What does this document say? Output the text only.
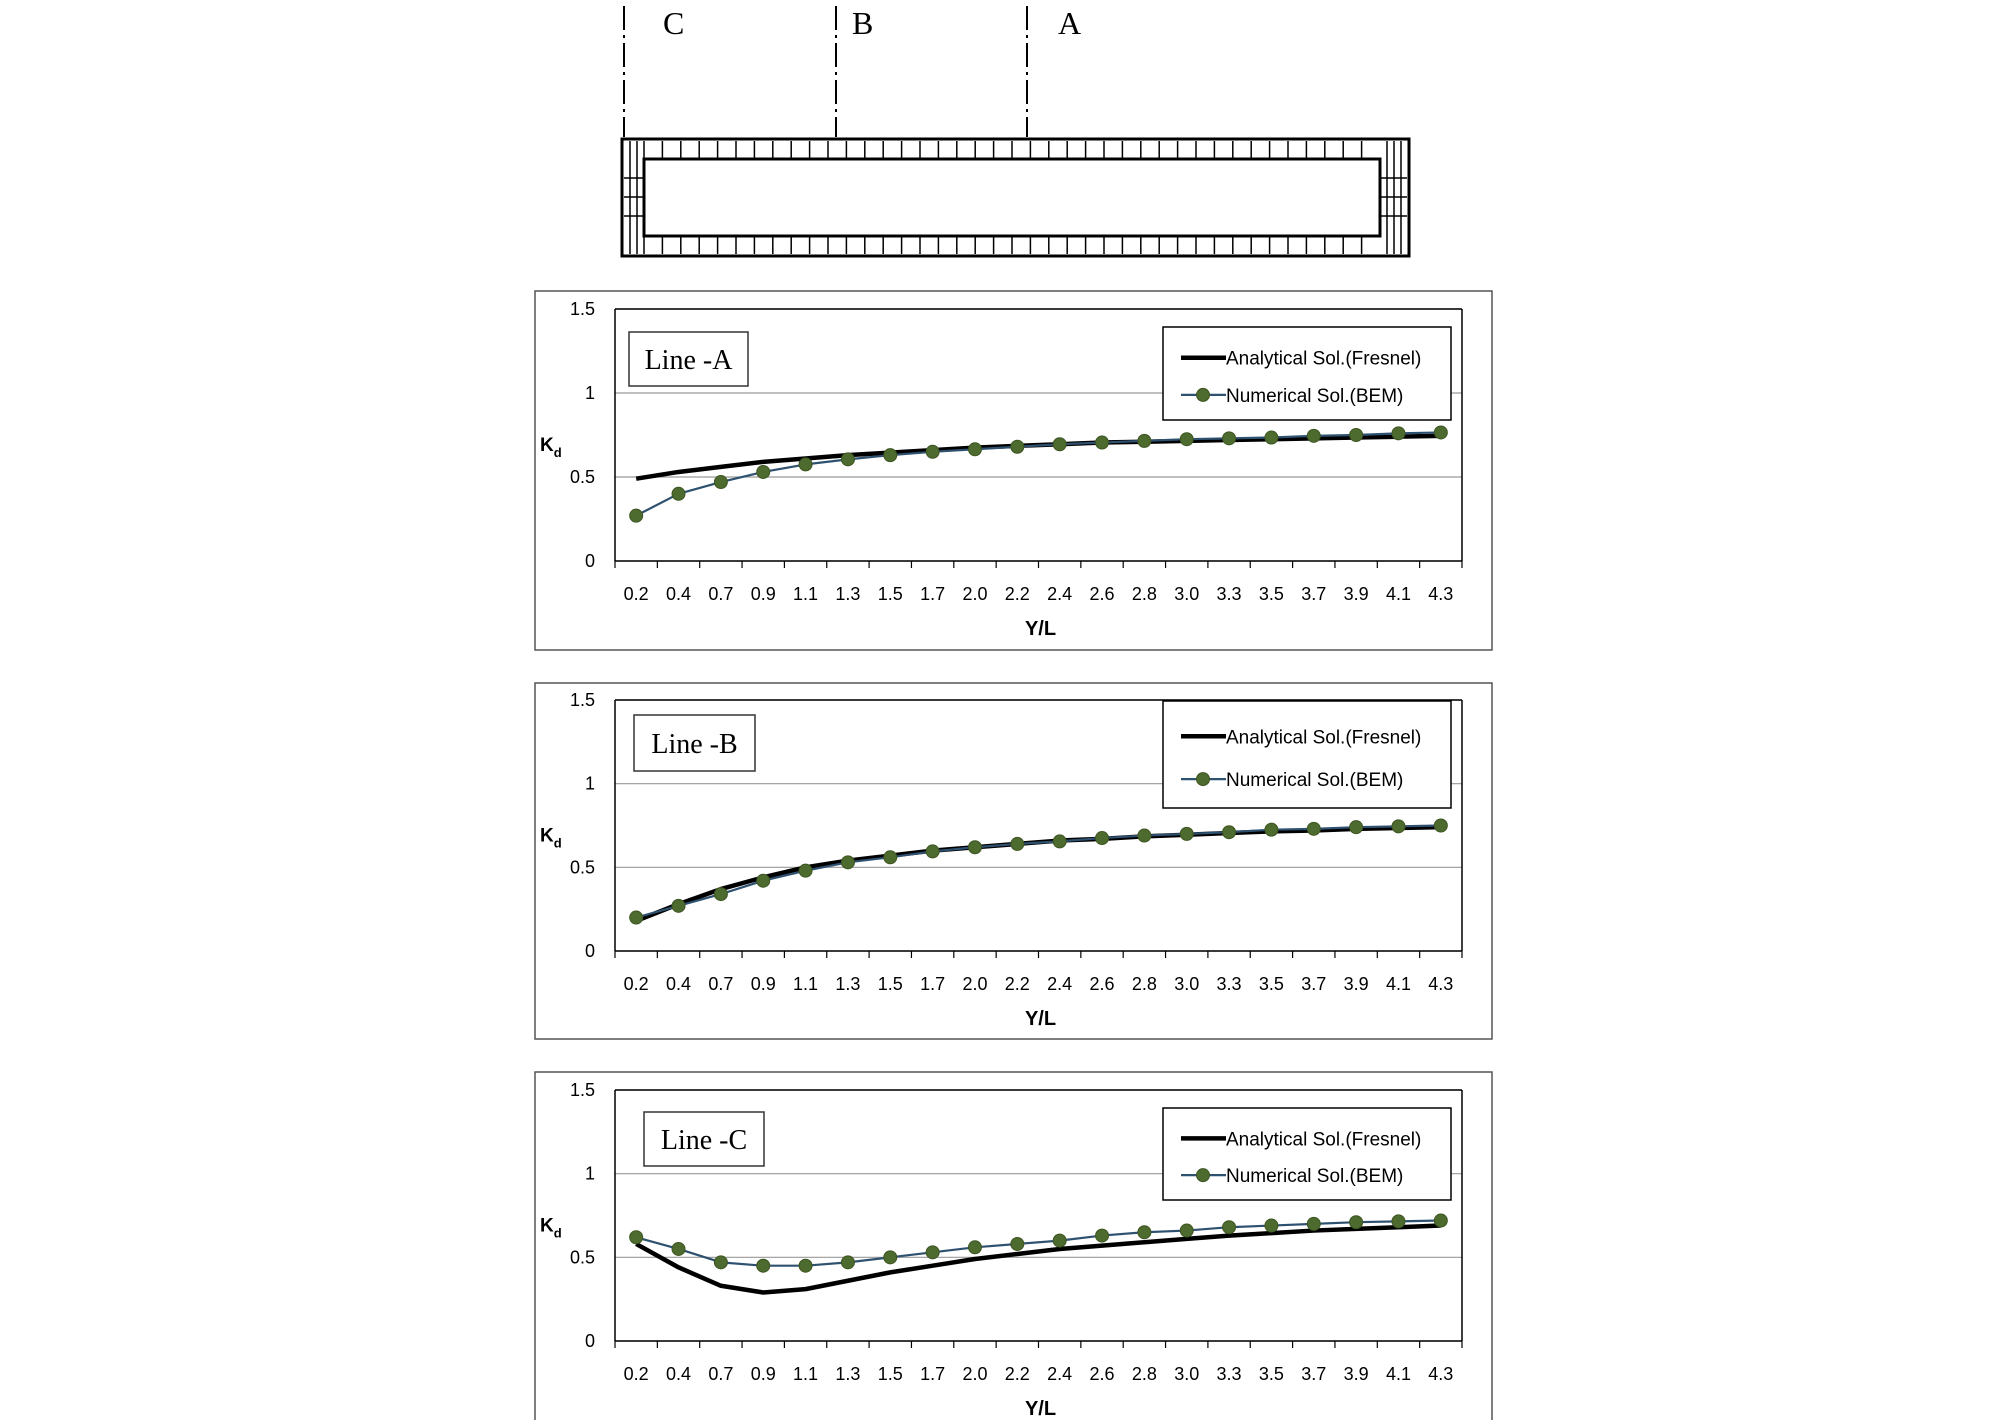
C	B	A
0
0.5
1
1.5
0.2 0.4 0.7 0.9 1.1 1.3 1.5 1.7 2.0 2.2 2.4 2.6 2.8 3.0 3.3 3.5 3.7 3.9 4.1 4.3
Y/L
$K_d$
Line -A	Analytical Sol.(Fresnel)
Numerical Sol.(BEM)
0
0.5
1
1.5
0.2 0.4 0.7 0.9 1.1 1.3 1.5 1.7 2.0 2.2 2.4 2.6 2.8 3.0 3.3 3.5 3.7 3.9 4.1 4.3
Y/L
$K_d$
Line -B	Analytical Sol.(Fresnel)
Numerical Sol.(BEM)
0
0.5
1
1.5
0.2 0.4 0.7 0.9 1.1 1.3 1.5 1.7 2.0 2.2 2.4 2.6 2.8 3.0 3.3 3.5 3.7 3.9 4.1 4.3
Y/L
$K_d$
Line -C	Analytical Sol.(Fresnel)
Numerical Sol.(BEM)
